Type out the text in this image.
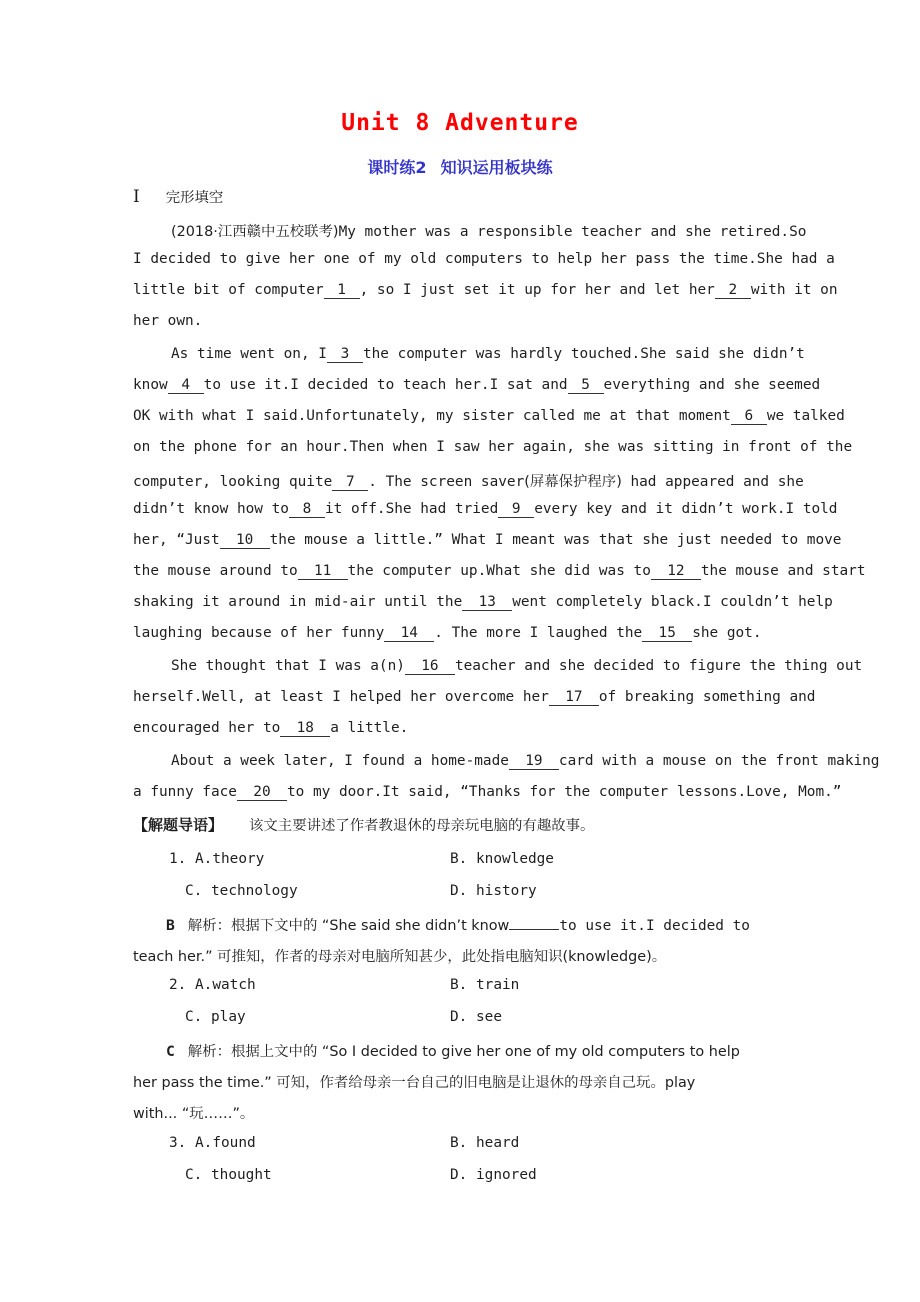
Unit 8 Adventure
课时练2 知识运用板块练
Ⅰ 完形填空
(2018·江西赣中五校联考)My mother was a responsible teacher and she retired.So
I decided to give her one of my old computers to help her pass the time.She had a
little bit of computer 1 , so I just set it up for her and let her 2 with it on
her own.
As time went on, I 3 the computer was hardly touched.She said she didn’t
know 4 to use it.I decided to teach her.I sat and 5 everything and she seemed
OK with what I said.Unfortunately, my sister called me at that moment 6 we talked
on the phone for an hour.Then when I saw her again, she was sitting in front of the
computer, looking quite 7 . The screen saver(屏幕保护程序) had appeared and she
didn’t know how to 8 it off.She had tried 9 every key and it didn’t work.I told
her, “Just 10 the mouse a little.” What I meant was that she just needed to move
the mouse around to 11 the computer up.What she did was to 12 the mouse and start
shaking it around in mid-air until the 13 went completely black.I couldn’t help
laughing because of her funny 14 . The more I laughed the 15 she got.
She thought that I was a(n) 16 teacher and she decided to figure the thing out
herself.Well, at least I helped her overcome her 17 of breaking something and
encouraged her to 18 a little.
About a week later, I found a home-made 19 card with a mouse on the front making
a funny face 20 to my door.It said, “Thanks for the computer lessons.Love, Mom.”
【解题导语】 该文主要讲述了作者教退休的母亲玩电脑的有趣故事。
1. A.theory	B. knowledge
C. technology	D. history
B 解析：根据下文中的 “She said she didn’t know	to use it.I decided to
teach her.” 可推知，作者的母亲对电脑所知甚少，此处指电脑知识(knowledge)。
2. A.watch	B. train
C. play	D. see
C 解析：根据上文中的 “So I decided to give her one of my old computers to help
her pass the time.” 可知，作者给母亲一台自己的旧电脑是让退休的母亲自己玩。play
with... “玩……”。
3. A.found	B. heard
C. thought	D. ignored
